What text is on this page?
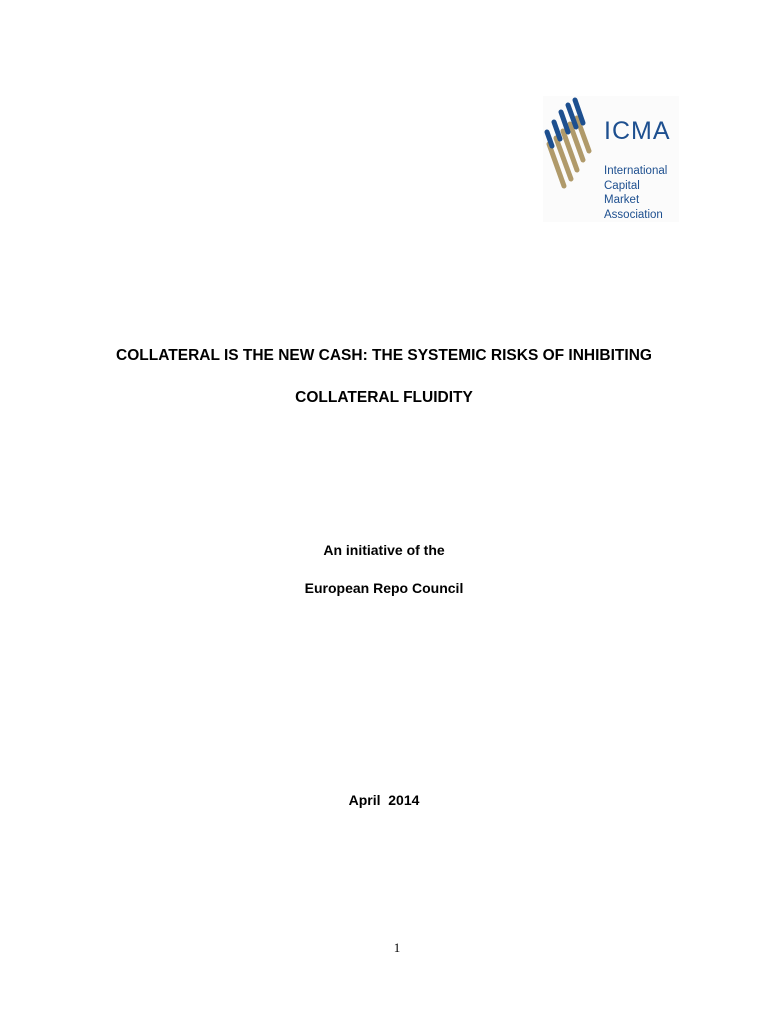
ICMA
International
Capital
Market
Association
COLLATERAL IS THE NEW CASH: THE SYSTEMIC RISKS OF INHIBITING
COLLATERAL FLUIDITY

An initiative of the

European Repo Council

April  2014

1
